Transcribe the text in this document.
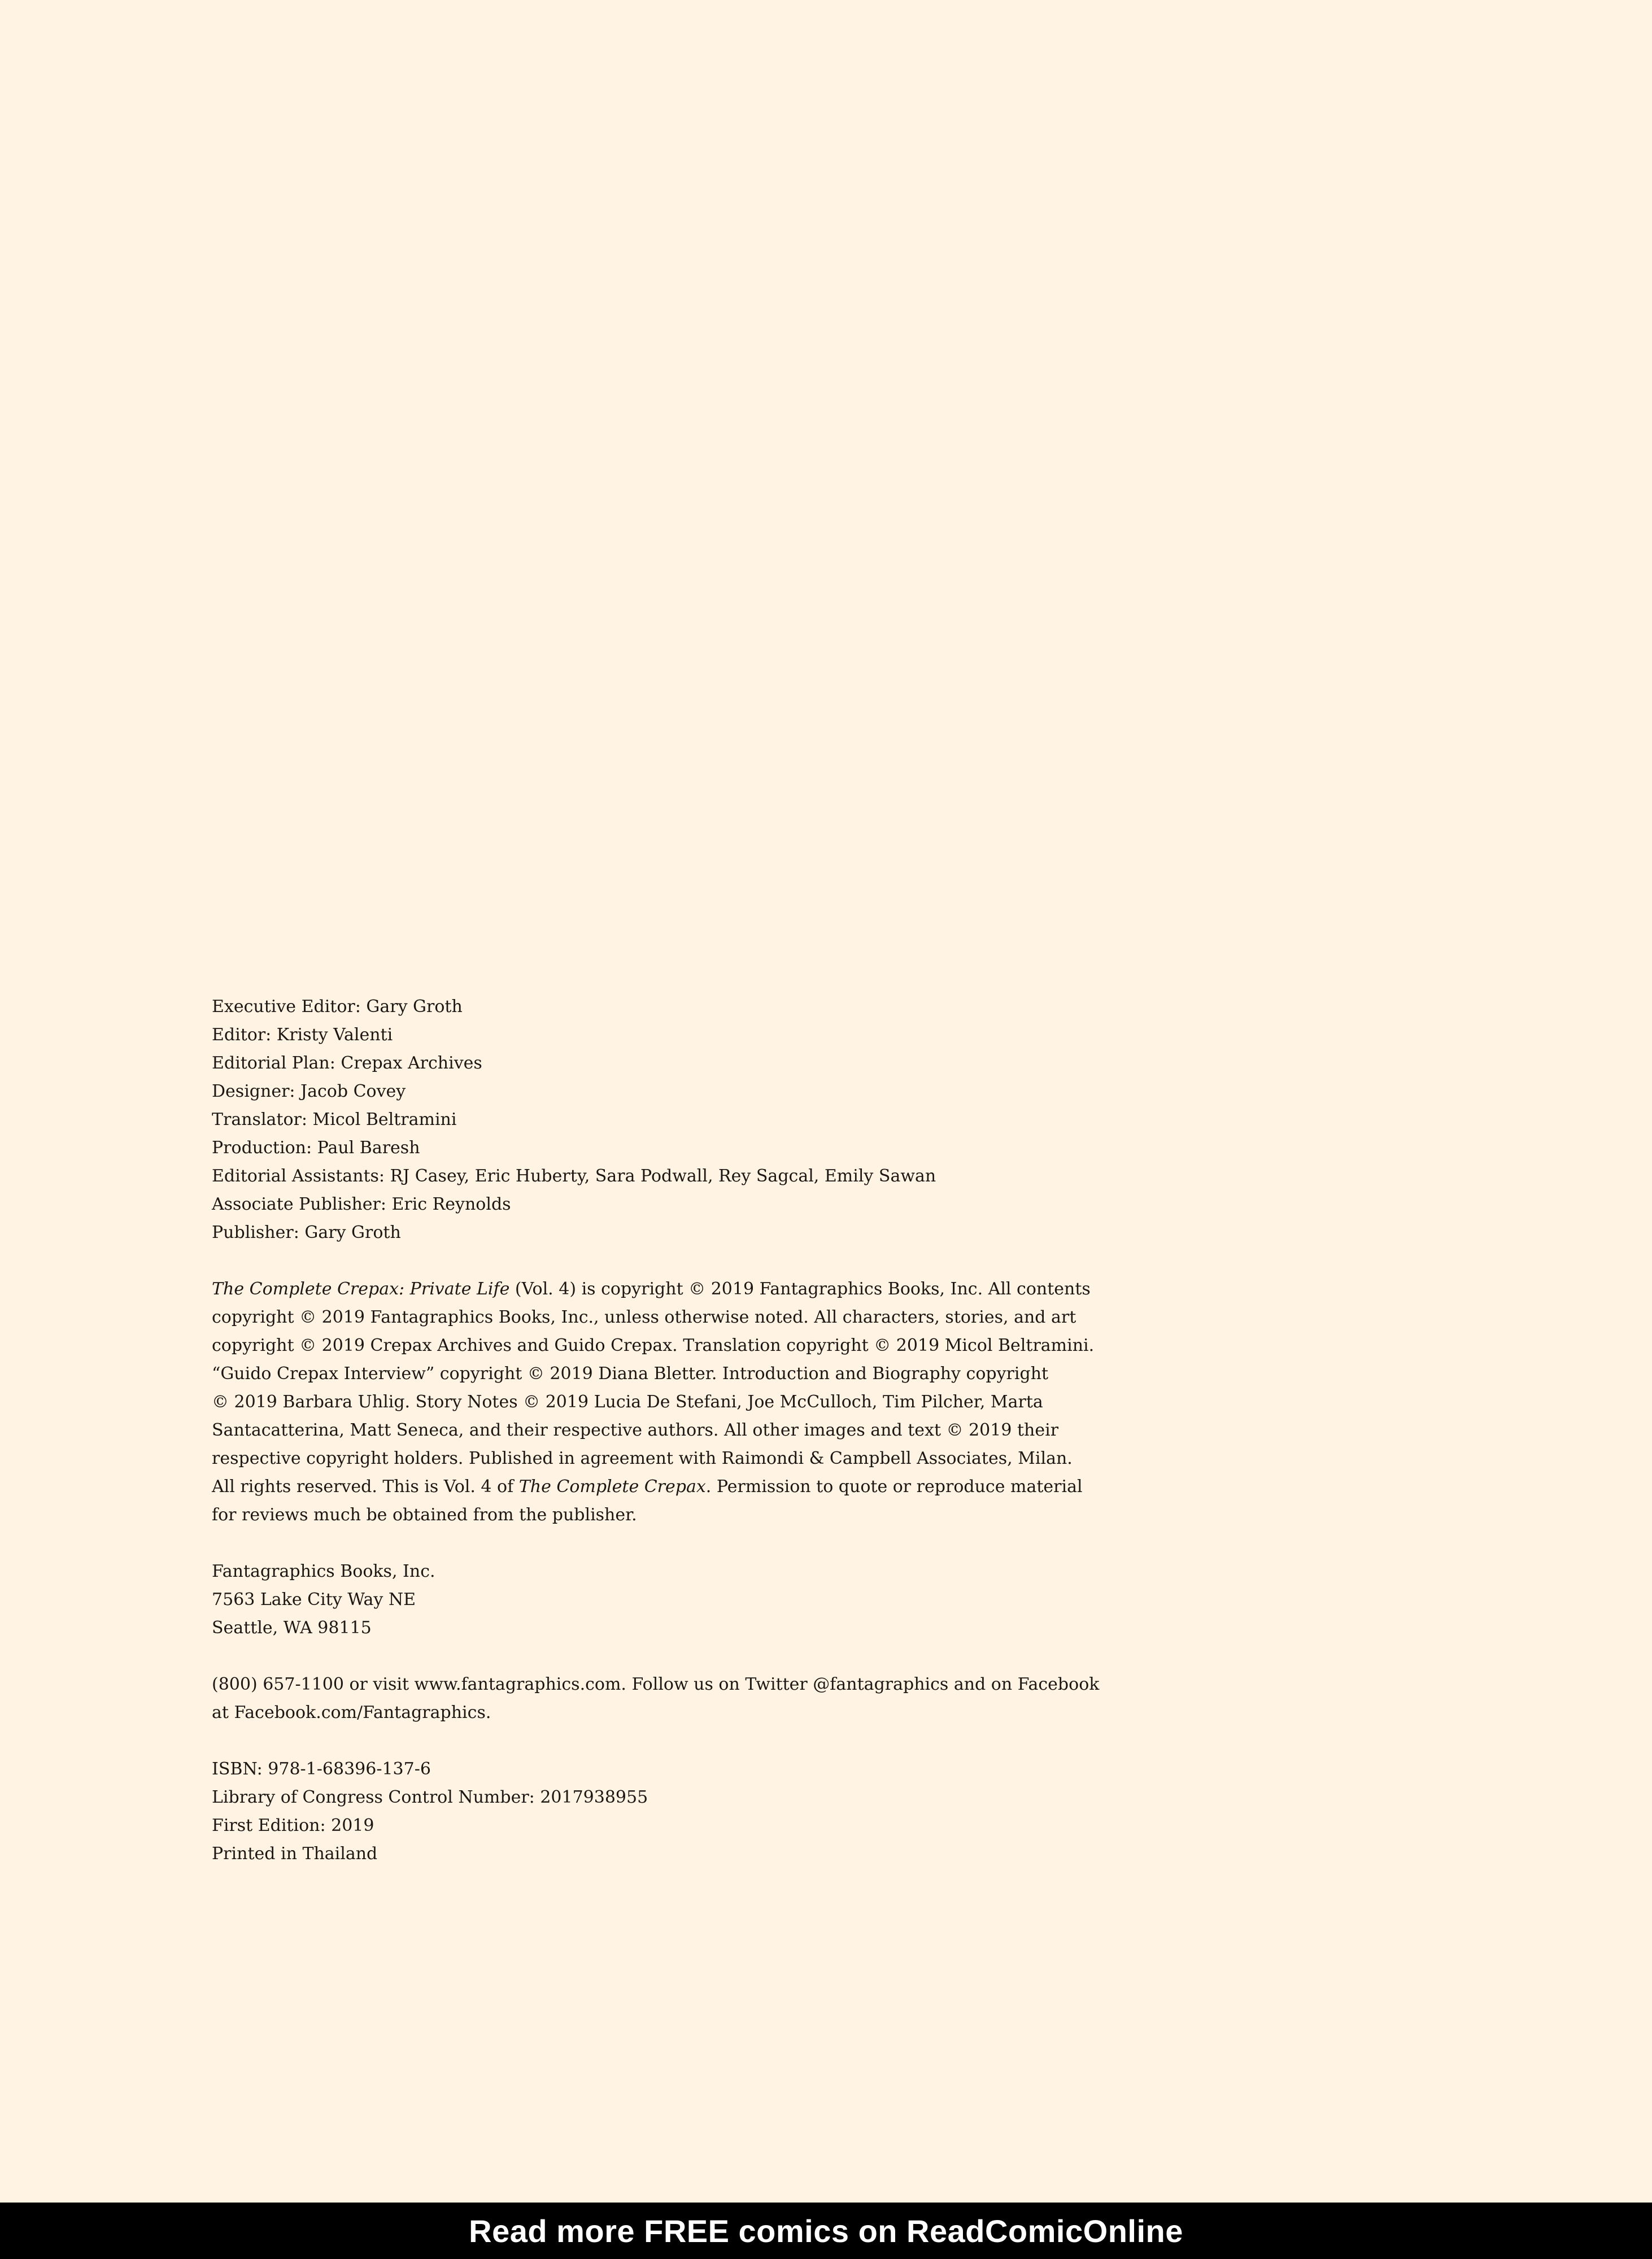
Executive Editor: Gary Groth
Editor: Kristy Valenti
Editorial Plan: Crepax Archives
Designer: Jacob Covey
Translator: Micol Beltramini
Production: Paul Baresh
Editorial Assistants: RJ Casey, Eric Huberty, Sara Podwall, Rey Sagcal, Emily Sawan
Associate Publisher: Eric Reynolds
Publisher: Gary Groth
The Complete Crepax: Private Life (Vol. 4) is copyright © 2019 Fantagraphics Books, Inc. All contents
copyright © 2019 Fantagraphics Books, Inc., unless otherwise noted. All characters, stories, and art
copyright © 2019 Crepax Archives and Guido Crepax. Translation copyright © 2019 Micol Beltramini.
“Guido Crepax Interview” copyright © 2019 Diana Bletter. Introduction and Biography copyright
© 2019 Barbara Uhlig. Story Notes © 2019 Lucia De Stefani, Joe McCulloch, Tim Pilcher, Marta
Santacatterina, Matt Seneca, and their respective authors. All other images and text © 2019 their
respective copyright holders. Published in agreement with Raimondi & Campbell Associates, Milan.
All rights reserved. This is Vol. 4 of The Complete Crepax. Permission to quote or reproduce material
for reviews much be obtained from the publisher.
Fantagraphics Books, Inc.
7563 Lake City Way NE
Seattle, WA 98115
(800) 657-1100 or visit www.fantagraphics.com. Follow us on Twitter @fantagraphics and on Facebook
at Facebook.com/Fantagraphics.
ISBN: 978-1-68396-137-6
Library of Congress Control Number: 2017938955
First Edition: 2019
Printed in Thailand
Read more FREE comics on ReadComicOnline
